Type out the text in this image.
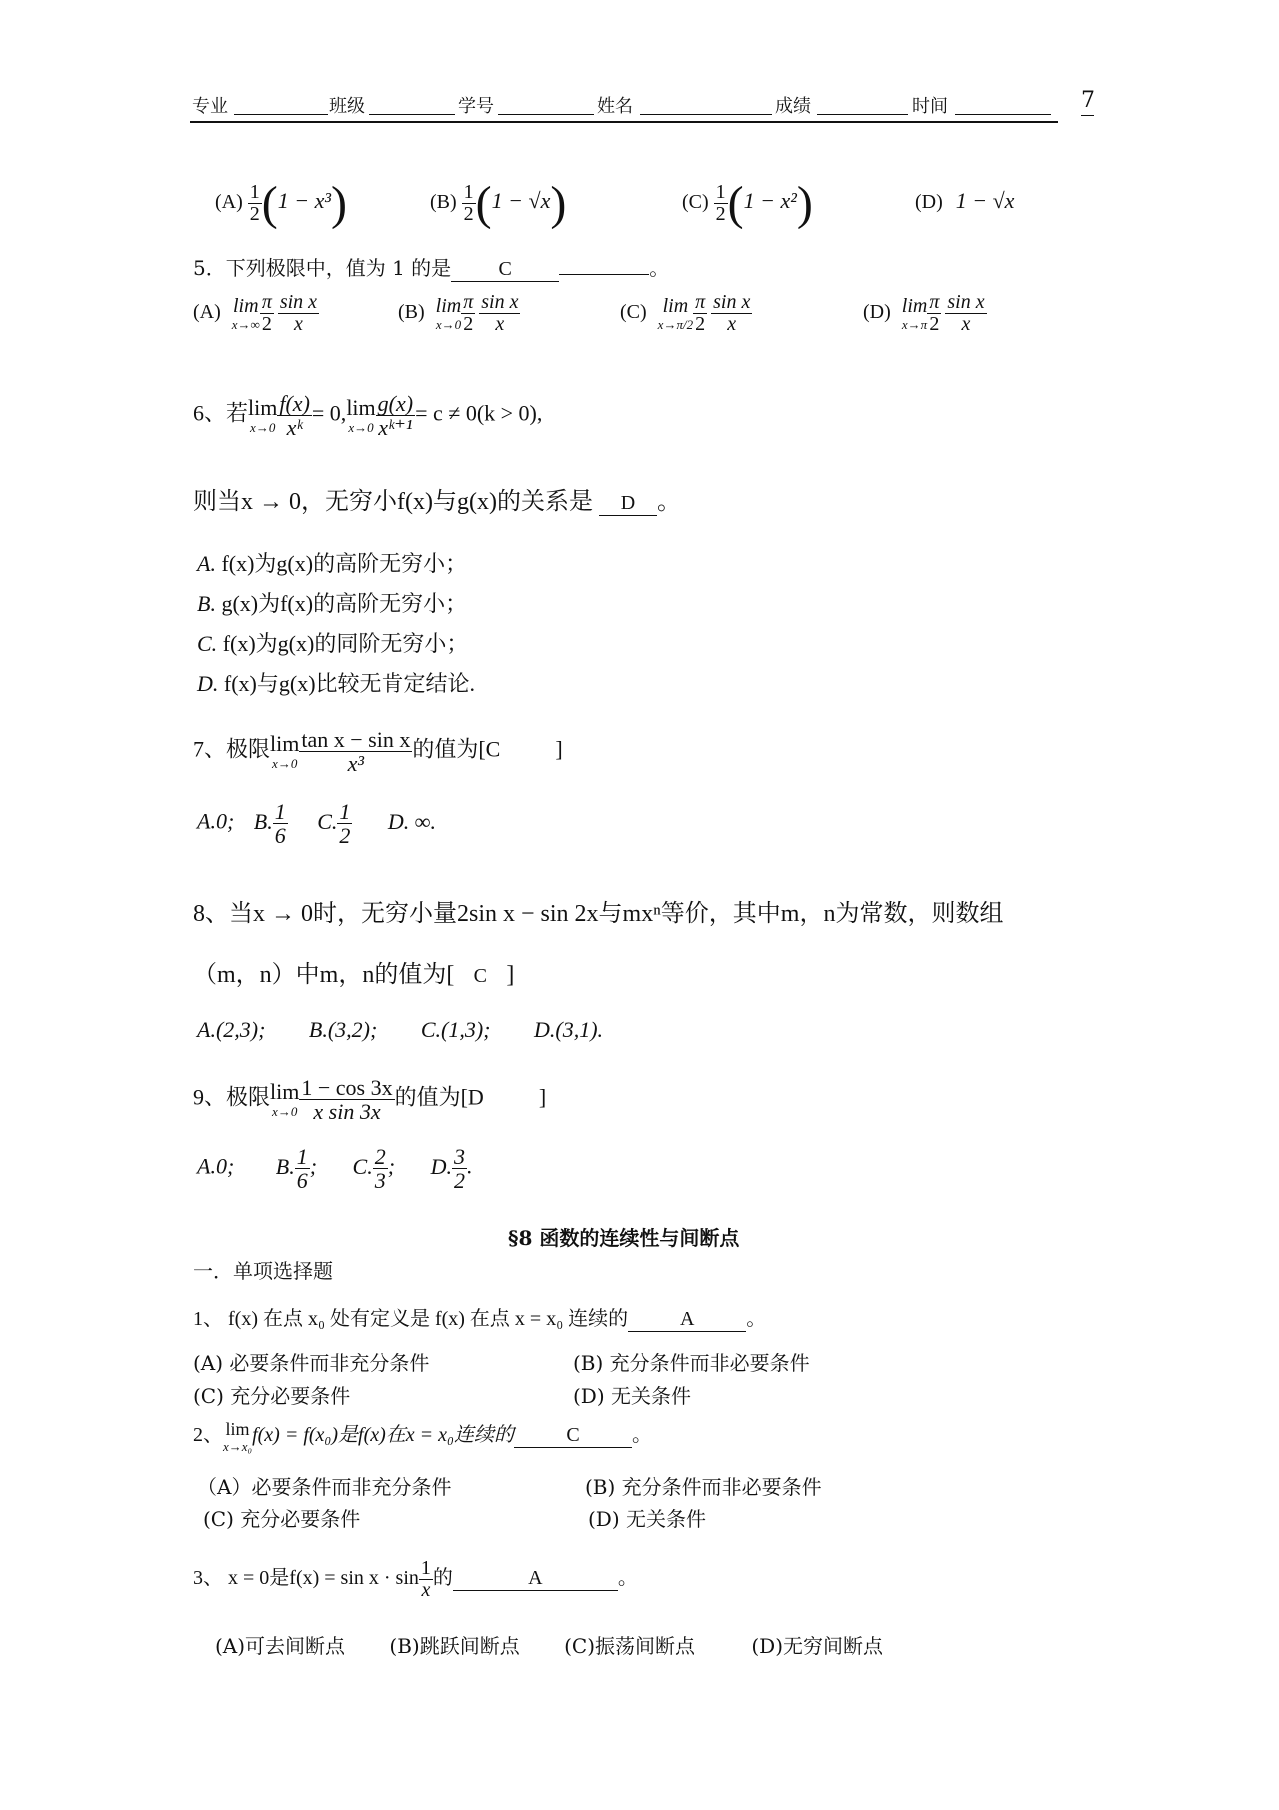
专业	班级	学号	姓名	成绩	时间	7
$(A) \frac{1}{2} (1 - x^3)$	$(B) \frac{1}{2} (1 - √x)$	$(C) \frac{1}{2} (1 - x^2)$	(D) 1 − √x
5．下列极限中，值为 1 的是 C	。
(A) lim
$x\to\infty \frac{\pi}{2} \frac{\text{sin x}}{x}$	(B) lim
$x\to 0 \frac{\pi}{2} \frac{\text{sin x}}{x}$	(C) lim
$x\to\pi/2 \frac{\pi}{2} \frac{\text{sin x}}{x}$	(D) lim
$x\to\pi \frac{\pi}{2} \frac{\text{sin x}}{x}$
6、若lim
$x\to 0 \frac{f(x)}{\text{xᵏ}} = 0,\lim$
$x\to 0 \frac{g(x)}{\text{xᵏ⁺¹}} = c \ne 0(k > 0)$,
则当x → 0，无穷小f(x)与g(x)的关系是 D 。
A. f(x)为g(x)的高阶无穷小；
B. g(x)为f(x)的高阶无穷小；
C. f(x)为g(x)的同阶无穷小；
D. f(x)与g(x)比较无肯定结论.
7、极限lim
$x\to 0 \frac{\text{tan x − sin x}}{\text{x³}}$ 的值为[C	]
A.0; B. $\frac{1}{6} C$. $\frac{1}{2} D$. ∞.
8、当x → 0时，无穷小量2sin x − sin 2x与mxⁿ等价，其中m，n为常数，则数组
（m，n）中m，n的值为[ C ]
A.(2,3); B.(3,2); C.(1,3); D.(3,1).
9、极限lim
$x\to 0 \frac{1 - \cos 3x}{\text{x sin 3x}}$ 的值为[D	]
A.0; B. $\frac{1}{6}$ ; C. $\frac{2}{3}$ ; D. $\frac{3}{2}$ .
§8 函数的连续性与间断点
一．单项选择题
1、 f(x) 在点 x₀ 处有定义是 f(x) 在点 x = x₀ 连续的	A	。
(A) 必要条件而非充分条件	(B) 充分条件而非必要条件
(C) 充分必要条件	(D) 无关条件
2、 lim
x→x₀
f(x) = f(x₀)是f(x)在x = x₀连续的	C	。
（A）必要条件而非充分条件	(B) 充分条件而非必要条件
(C) 充分必要条件	(D) 无关条件
3、 x = 0是$f(x) = \sin x \cdot \sin \frac{1}{x}$ 的	A	。
(A)可去间断点 (B)跳跃间断点 (C)振荡间断点	(D)无穷间断点
